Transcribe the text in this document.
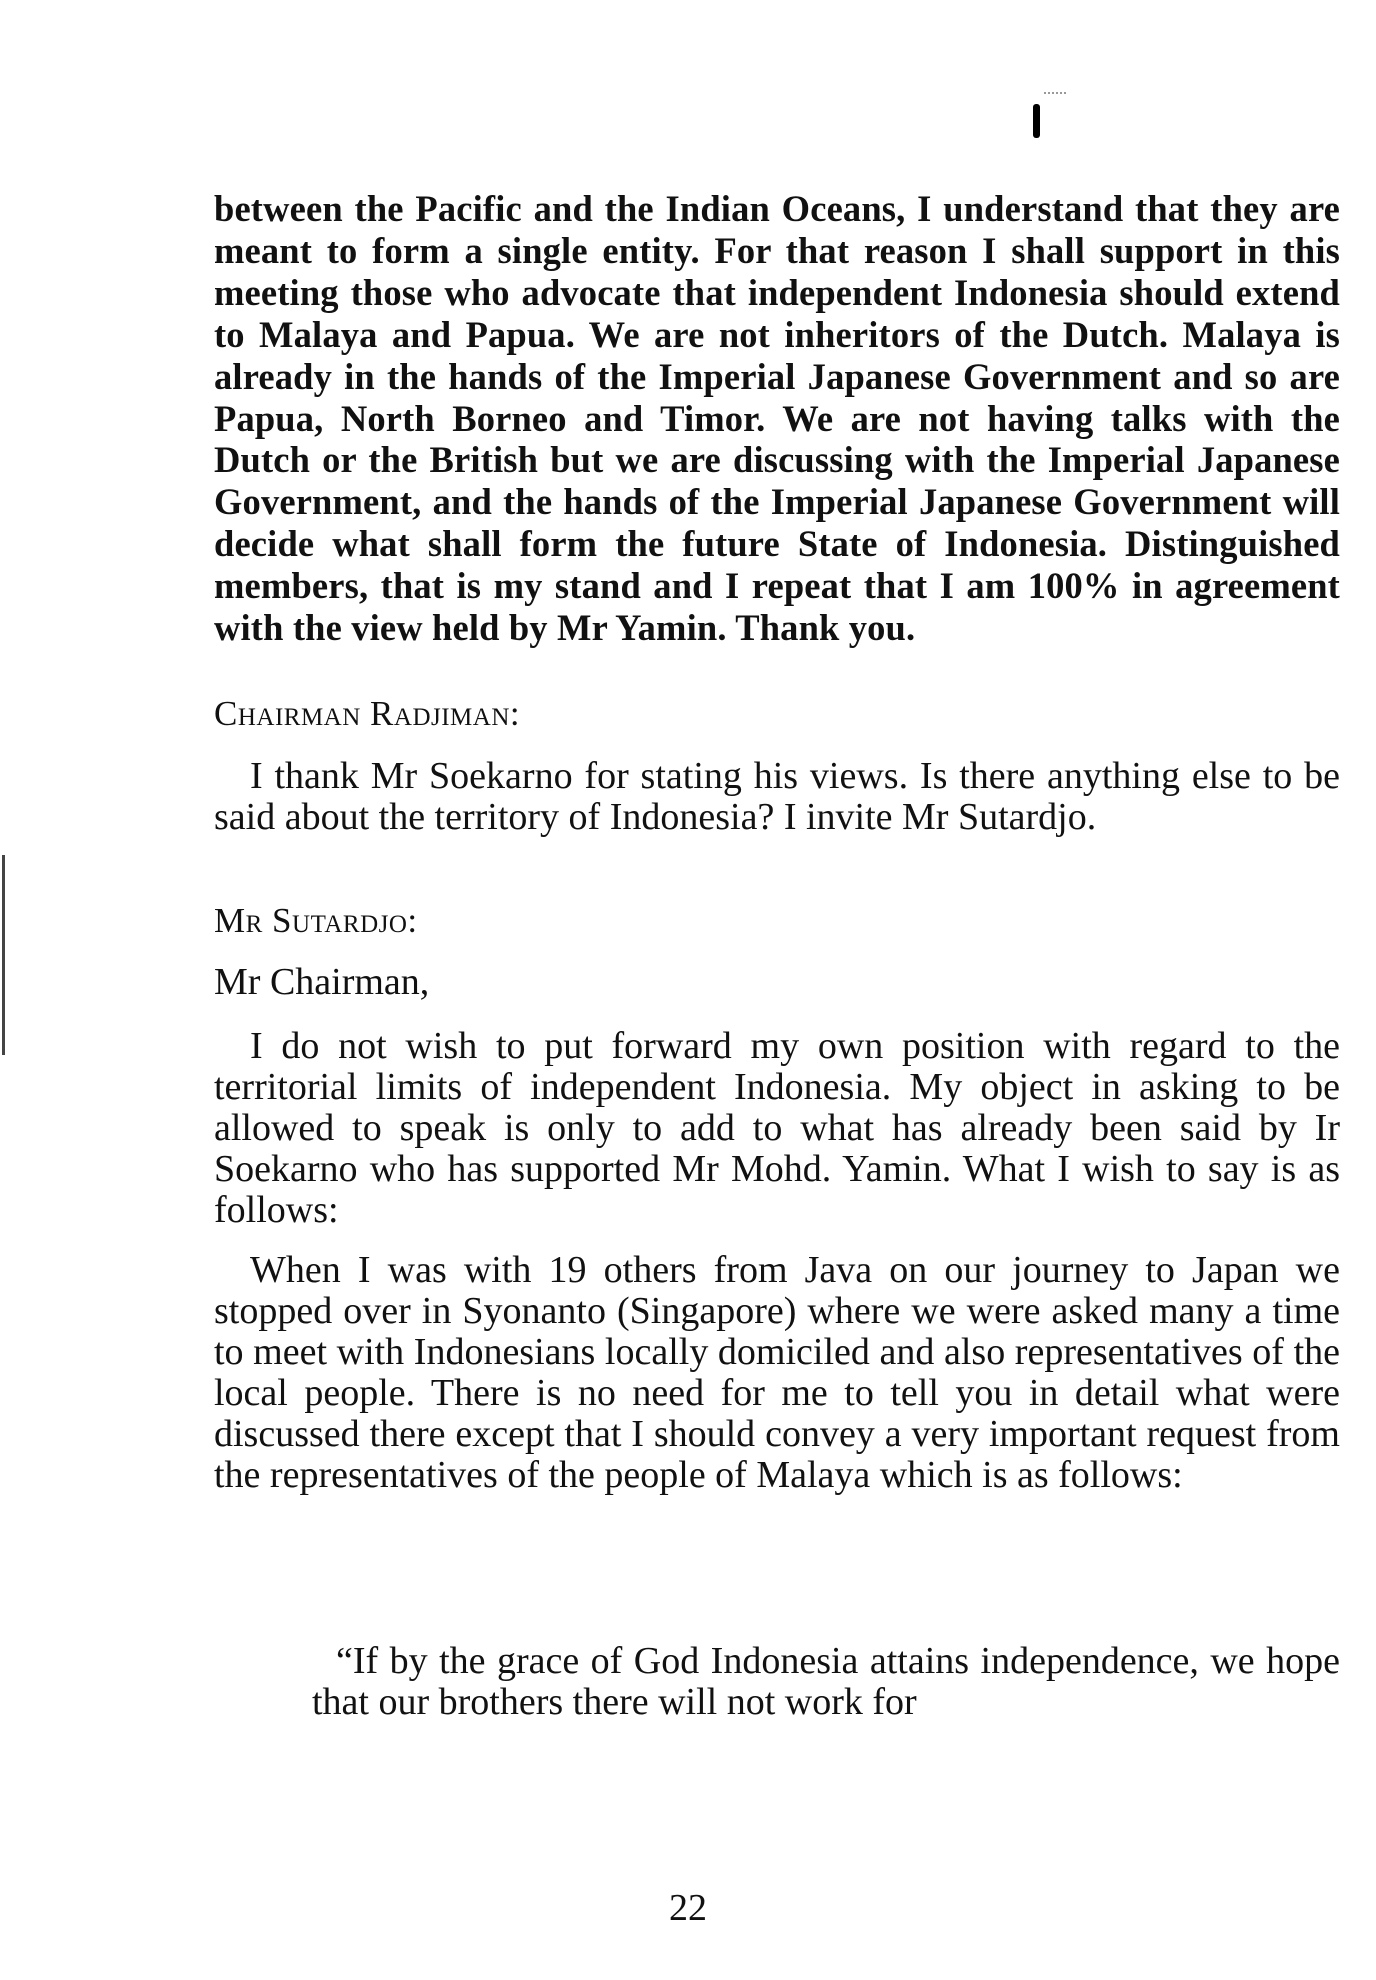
between the Pacific and the Indian Oceans, I understand that they are meant to form a single entity. For that reason I shall support in this meeting those who advocate that independent Indonesia should extend to Malaya and Papua. We are not inheritors of the Dutch. Malaya is already in the hands of the Imperial Japanese Government and so are Papua, North Borneo and Timor. We are not having talks with the Dutch or the British but we are discussing with the Imperial Japanese Government, and the hands of the Imperial Japanese Government will decide what shall form the future State of Indonesia. Distinguished members, that is my stand and I repeat that I am 100% in agreement with the view held by Mr Yamin. Thank you.

Chairman Radjiman:

I thank Mr Soekarno for stating his views. Is there anything else to be said about the territory of Indonesia? I invite Mr Sutardjo.

Mr Sutardjo:
Mr Chairman,

I do not wish to put forward my own position with regard to the territorial limits of independent Indonesia. My object in asking to be allowed to speak is only to add to what has already been said by Ir Soekarno who has supported Mr Mohd. Yamin. What I wish to say is as follows:

When I was with 19 others from Java on our journey to Japan we stopped over in Syonanto (Singapore) where we were asked many a time to meet with Indonesians locally domiciled and also representatives of the local people. There is no need for me to tell you in detail what were discussed there except that I should convey a very important request from the representatives of the people of Malaya which is as follows:

“If by the grace of God Indonesia attains independence, we hope that our brothers there will not work for

22
